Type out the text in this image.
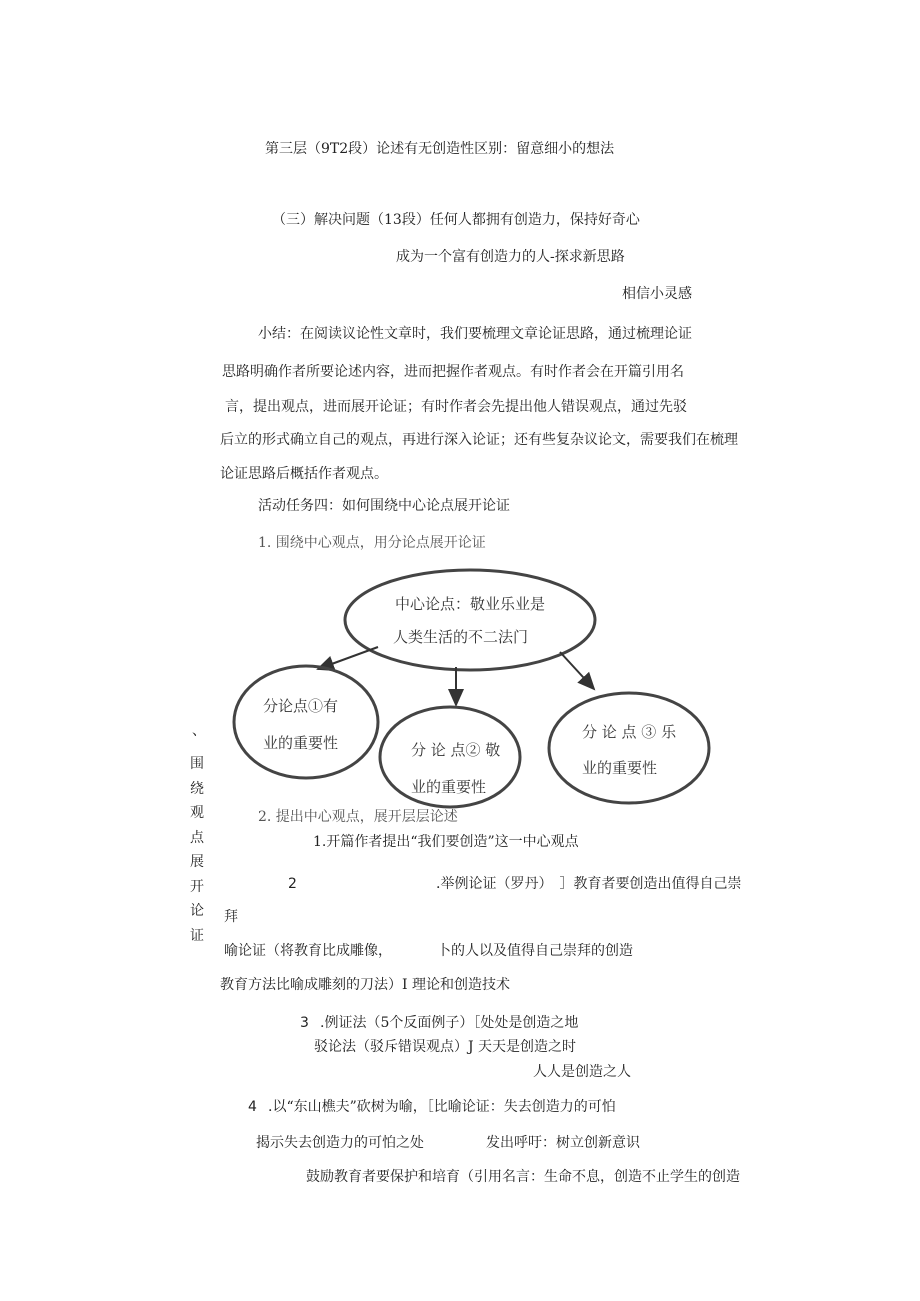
第三层（9T2段）论述有无创造性区别：留意细小的想法
（三）解决问题（13段）任何人都拥有创造力，保持好奇心
成为一个富有创造力的人-探求新思路
相信小灵感
小结：在阅读议论性文章时，我们要梳理文章论证思路，通过梳理论证
思路明确作者所要论述内容，进而把握作者观点。有时作者会在开篇引用名
言，提出观点，进而展开论证；有时作者会先提出他人错误观点，通过先驳
后立的形式确立自己的观点，再进行深入论证；还有些复杂议论文，需要我们在梳理
论证思路后概括作者观点。
活动任务四：如何围绕中心论点展开论证
1. 围绕中心观点，用分论点展开论证
中心论点：敬业乐业是
人类生活的不二法门
分论点①有
业的重要性	分 论 点② 敬
业的重要性
分 论 点 ③ 乐
业的重要性
、
围
绕
观
点
展
开
论
证
2. 提出中心观点，展开层层论述
1.开篇作者提出“我们要创造”这一中心观点
2	.举例论证（罗丹）　］教育者要创造出值得自己崇
拜
喻论证（将教育比成雕像，	卜的人以及值得自己崇拜的创造
教育方法比喻成雕刻的刀法）I 理论和创造技术
3 .例证法（5个反面例子）［处处是创造之地
驳论法（驳斥错误观点）J 天天是创造之时
人人是创造之人
4 .以“东山樵夫”砍树为喻，［比喻论证：失去创造力的可怕
揭示失去创造力的可怕之处	发出呼吁：树立创新意识
鼓励教育者要保护和培育（引用名言：生命不息，创造不止学生的创造
